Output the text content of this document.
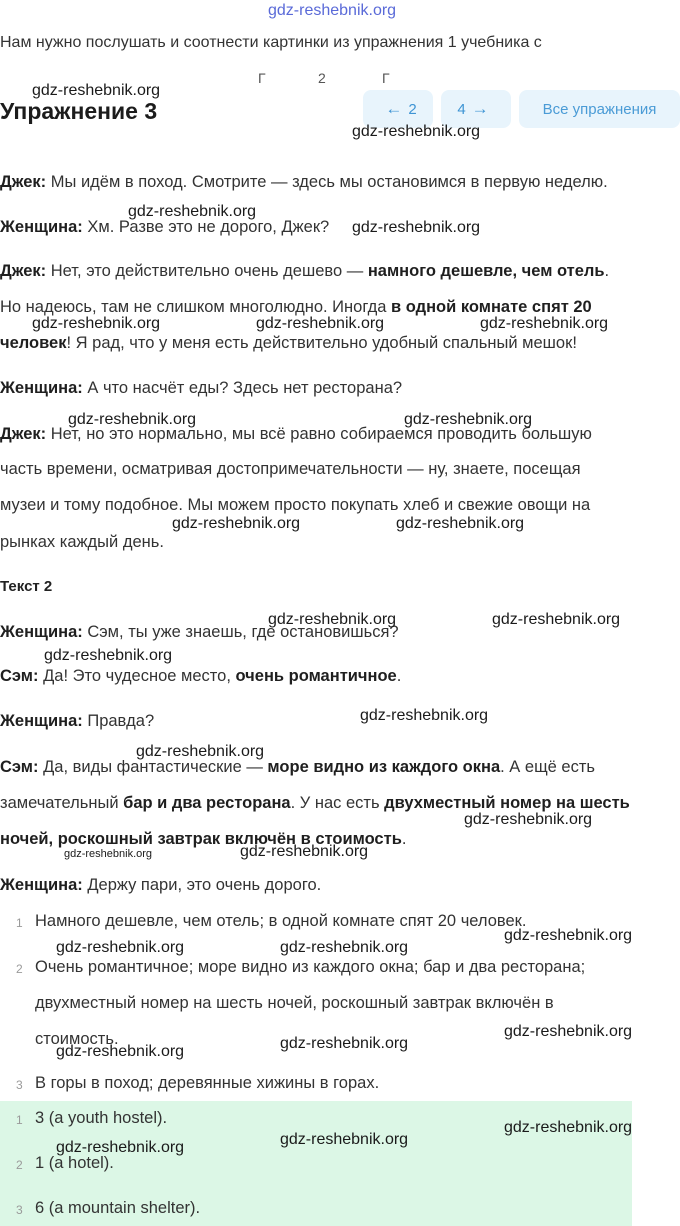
gdz-reshebnik.org
Нам нужно послушать и соотнести картинки из упражнения 1 учебника с
Г	2	Г
Упражнение 3	← 2	4 →	Все упражнения
Джек: Мы идём в поход. Смотрите — здесь мы остановимся в первую неделю.
Женщина: Хм. Разве это не дорого, Джек?
Джек: Нет, это действительно очень дешево — намного дешевле, чем отель.
Но надеюсь, там не слишком многолюдно. Иногда в одной комнате спят 20
человек! Я рад, что у меня есть действительно удобный спальный мешок!
Женщина: А что насчёт еды? Здесь нет ресторана?
Джек: Нет, но это нормально, мы всё равно собираемся проводить большую
часть времени, осматривая достопримечательности — ну, знаете, посещая
музеи и тому подобное. Мы можем просто покупать хлеб и свежие овощи на
рынках каждый день.
Текст 2
Женщина: Сэм, ты уже знаешь, где остановишься?
Сэм: Да! Это чудесное место, очень романтичное.
Женщина: Правда?
Сэм: Да, виды фантастические — море видно из каждого окна. А ещё есть
замечательный бар и два ресторана. У нас есть двухместный номер на шесть
ночей, роскошный завтрак включён в стоимость.
Женщина: Держу пари, это очень дорого.
1 Намного дешевле, чем отель; в одной комнате спят 20 человек.
2 Очень романтичное; море видно из каждого окна; бар и два ресторана;
двухместный номер на шесть ночей, роскошный завтрак включён в
стоимость.
3 В горы в поход; деревянные хижины в горах.
1 3 (a youth hostel).
2 1 (a hotel).
3 6 (a mountain shelter).
gdz-reshebnik.org
gdz-reshebnik.org
gdz-reshebnik.org
gdz-reshebnik.org
gdz-reshebnik.org	gdz-reshebnik.org	gdz-reshebnik.org
gdz-reshebnik.org	gdz-reshebnik.org
gdz-reshebnik.org	gdz-reshebnik.org
gdz-reshebnik.org	gdz-reshebnik.org
gdz-reshebnik.org
gdz-reshebnik.org
gdz-reshebnik.org
gdz-reshebnik.org
gdz-reshebnik.org	gdz-reshebnik.org
gdz-reshebnik.org
gdz-reshebnik.org	gdz-reshebnik.org
gdz-reshebnik.org
gdz-reshebnik.org
gdz-reshebnik.org
gdz-reshebnik.org
gdz-reshebnik.org
gdz-reshebnik.org
